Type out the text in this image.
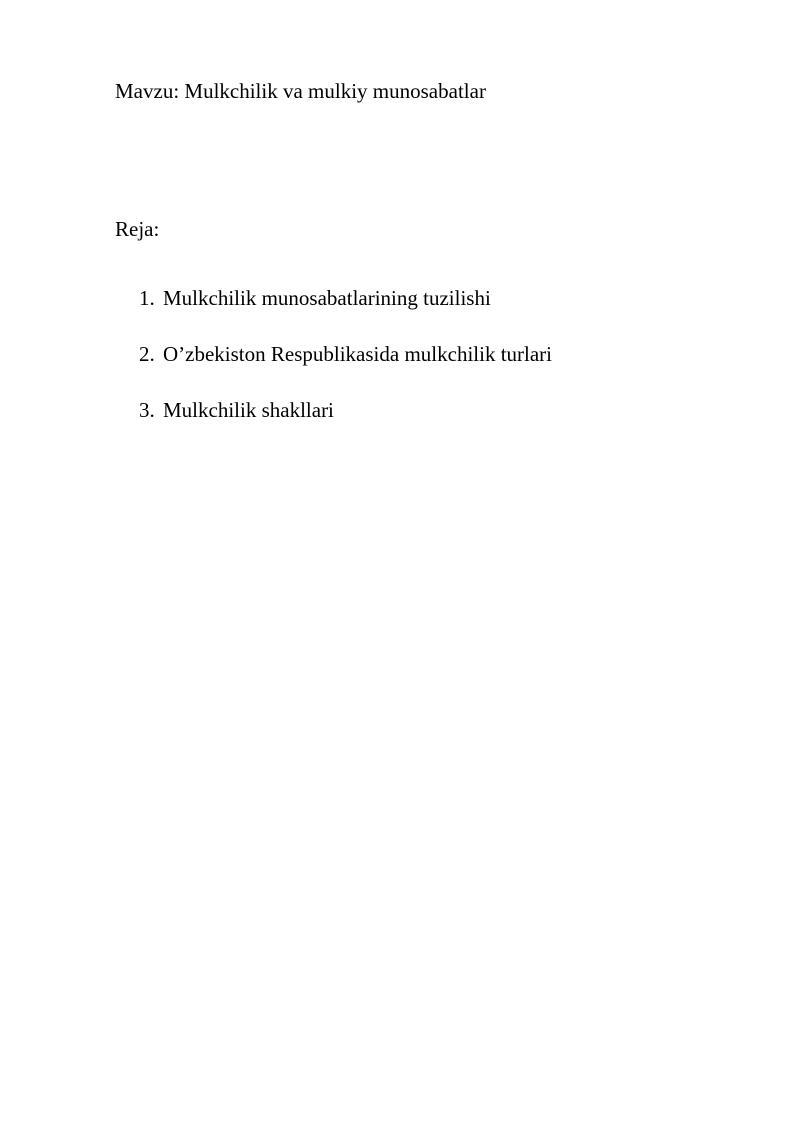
Mavzu: Mulkchilik va mulkiy munosabatlar
Reja:
1. Mulkchilik munosabatlarining tuzilishi
2. O’zbekiston Respublikasida mulkchilik turlari
3. Mulkchilik shakllari
